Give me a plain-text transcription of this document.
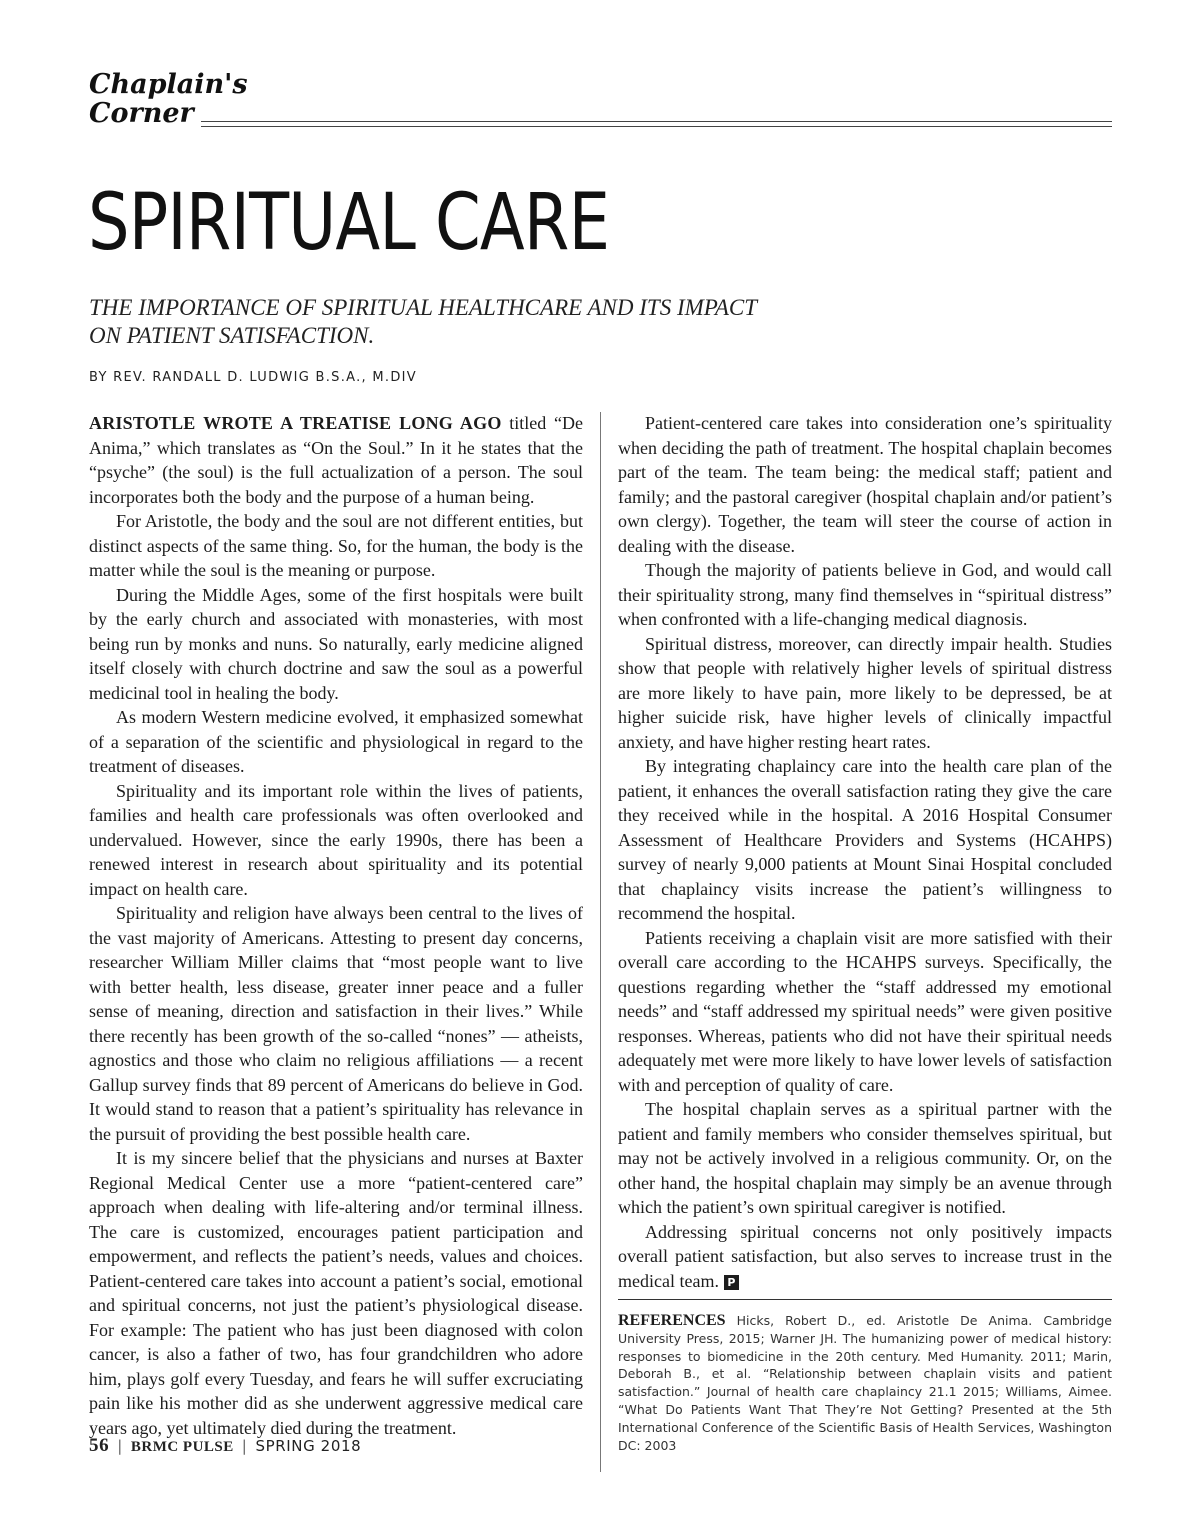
Chaplain's
Corner
SPIRITUAL CARE
THE IMPORTANCE OF SPIRITUAL HEALTHCARE AND ITS IMPACT
ON PATIENT SATISFACTION.
BY REV. RANDALL D. LUDWIG B.S.A., M.DIV

ARISTOTLE WROTE A TREATISE LONG AGO titled “De Anima,” which translates as “On the Soul.” In it he states that the “psyche” (the soul) is the full actualization of a person. The soul incorporates both the body and the purpose of a human being.

For Aristotle, the body and the soul are not different entities, but distinct aspects of the same thing. So, for the human, the body is the matter while the soul is the meaning or purpose.

During the Middle Ages, some of the first hospitals were built by the early church and associated with monasteries, with most being run by monks and nuns. So naturally, early medicine aligned itself closely with church doctrine and saw the soul as a powerful medicinal tool in healing the body.

As modern Western medicine evolved, it emphasized somewhat of a separation of the scientific and physiological in regard to the treatment of diseases.

Spirituality and its important role within the lives of patients, families and health care professionals was often overlooked and undervalued. However, since the early 1990s, there has been a renewed interest in research about spirituality and its potential impact on health care.

Spirituality and religion have always been central to the lives of the vast majority of Americans. Attesting to present day concerns, researcher William Miller claims that “most people want to live with better health, less disease, greater inner peace and a fuller sense of meaning, direction and satisfaction in their lives.” While there recently has been growth of the so-called “nones” — atheists, agnostics and those who claim no religious affiliations — a recent Gallup survey finds that 89 percent of Americans do believe in God. It would stand to reason that a patient’s spirituality has relevance in the pursuit of providing the best possible health care.

It is my sincere belief that the physicians and nurses at Baxter Regional Medical Center use a more “patient-centered care” approach when dealing with life-altering and/or terminal illness. The care is customized, encourages patient participation and empowerment, and reflects the patient’s needs, values and choices. Patient-centered care takes into account a patient’s social, emotional and spiritual concerns, not just the patient’s physiological disease. For example: The patient who has just been diagnosed with colon cancer, is also a father of two, has four grandchildren who adore him, plays golf every Tuesday, and fears he will suffer excruciating pain like his mother did as she underwent aggressive medical care years ago, yet ultimately died during the treatment.

Patient-centered care takes into consideration one’s spirituality when deciding the path of treatment. The hospital chaplain becomes part of the team. The team being: the medical staff; patient and family; and the pastoral caregiver (hospital chaplain and/or patient’s own clergy). Together, the team will steer the course of action in dealing with the disease.

Though the majority of patients believe in God, and would call their spirituality strong, many find themselves in “spiritual distress” when confronted with a life-changing medical diagnosis.

Spiritual distress, moreover, can directly impair health. Studies show that people with relatively higher levels of spiritual distress are more likely to have pain, more likely to be depressed, be at higher suicide risk, have higher levels of clinically impactful anxiety, and have higher resting heart rates.

By integrating chaplaincy care into the health care plan of the patient, it enhances the overall satisfaction rating they give the care they received while in the hospital. A 2016 Hospital Consumer Assessment of Healthcare Providers and Systems (HCAHPS) survey of nearly 9,000 patients at Mount Sinai Hospital concluded that chaplaincy visits increase the patient’s willingness to recommend the hospital.

Patients receiving a chaplain visit are more satisfied with their overall care according to the HCAHPS surveys. Specifically, the questions regarding whether the “staff addressed my emotional needs” and “staff addressed my spiritual needs” were given positive responses. Whereas, patients who did not have their spiritual needs adequately met were more likely to have lower levels of satisfaction with and perception of quality of care.

The hospital chaplain serves as a spiritual partner with the patient and family members who consider themselves spiritual, but may not be actively involved in a religious community. Or, on the other hand, the hospital chaplain may simply be an avenue through which the patient’s own spiritual caregiver is notified.

Addressing spiritual concerns not only positively impacts overall patient satisfaction, but also serves to increase trust in the medical team. P

REFERENCES Hicks, Robert D., ed. Aristotle De Anima. Cambridge University Press, 2015; Warner JH. The humanizing power of medical history: responses to biomedicine in the 20th century. Med Humanity. 2011; Marin, Deborah B., et al. “Relationship between chaplain visits and patient satisfaction.” Journal of health care chaplaincy 21.1 2015; Williams, Aimee. “What Do Patients Want That They’re Not Getting? Presented at the 5th International Conference of the Scientific Basis of Health Services, Washington DC: 2003
56 | BRMC PULSE | SPRING 2018
